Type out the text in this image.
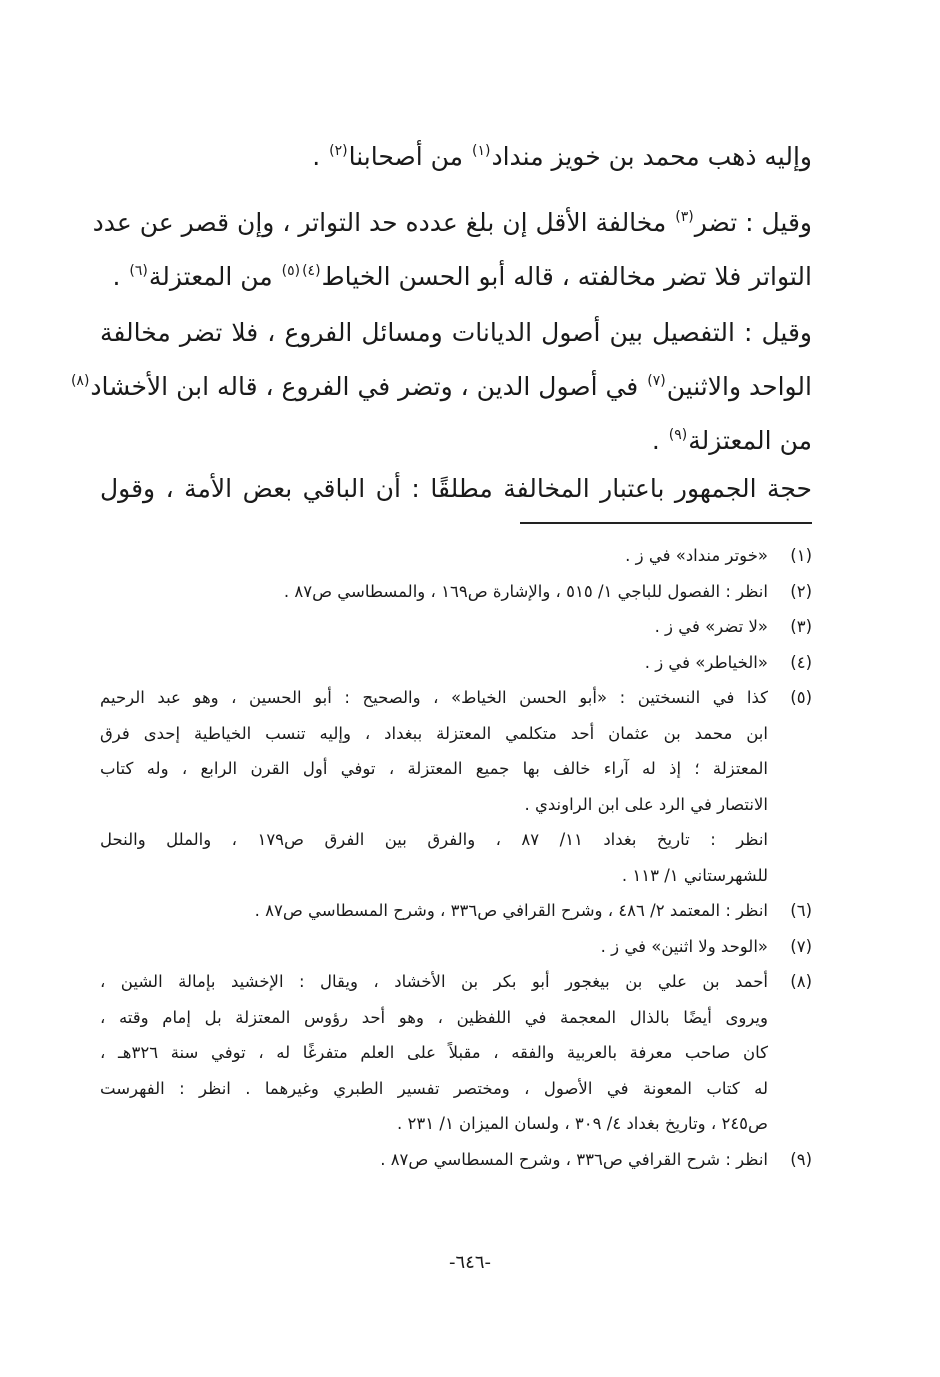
وإليه ذهب محمد بن خويز منداد$^{(١)}$ من أصحابنا$^{(٢)}$ .
وقيل : تضر$^{(٣)}$ مخالفة الأقل إن بلغ عدده حد التواتر ، وإن قصر عن عدد
التواتر فلا تضر مخالفته ، قاله أبو الحسن الخياط$^{(٤)(٥)}$ من المعتزلة$^{(٦)}$ .
وقيل : التفصيل بين أصول الديانات ومسائل الفروع ، فلا تضر مخالفة
الواحد والاثنين$^{(٧)}$ في أصول الدين ، وتضر في الفروع ، قاله ابن الأخشاد$^{(٨)}$
من المعتزلة$^{(٩)}$ .
حجة الجمهور باعتبار المخالفة مطلقًا : أن الباقي بعض الأمة ، وقول
(١)
«خوتر منداد» في ز .
(٢)
انظر : الفصول للباجي ١/ ٥١٥ ، والإشارة ص١٦٩ ، والمسطاسي ص٨٧ .
(٣)
«لا تضر» في ز .
(٤)
«الخياطر» في ز .
(٥)
كذا في النسختين : «أبو الحسن الخياط» ، والصحيح : أبو الحسين ، وهو عبد الرحيم
ابن محمد بن عثمان أحد متكلمي المعتزلة ببغداد ، وإليه تنسب الخياطية إحدى فرق
المعتزلة ؛ إذ له آراء خالف بها جميع المعتزلة ، توفي أول القرن الرابع ، وله كتاب
الانتصار في الرد على ابن الراوندي .
انظر : تاريخ بغداد ١١/ ٨٧ ، والفرق بين الفرق ص١٧٩ ، والملل والنحل
للشهرستاني ١/ ١١٣ .
(٦)
انظر : المعتمد ٢/ ٤٨٦ ، وشرح القرافي ص٣٣٦ ، وشرح المسطاسي ص٨٧ .
(٧)
«الوحد ولا اثنين» في ز .
(٨)
أحمد بن علي بن بيغجور أبو بكر بن الأخشاد ، ويقال : الإخشيد بإمالة الشين ،
ويروى أيضًا بالذال المعجمة في اللفظين ، وهو أحد رؤوس المعتزلة بل إمام وقته ،
كان صاحب معرفة بالعربية والفقه ، مقبلاً على العلم متفرغًا له ، توفي سنة ٣٢٦هـ ،
له كتاب المعونة في الأصول ، ومختصر تفسير الطبري وغيرهما . انظر : الفهرست
ص٢٤٥ ، وتاريخ بغداد ٤/ ٣٠٩ ، ولسان الميزان ١/ ٢٣١ .
(٩)
انظر : شرح القرافي ص٣٣٦ ، وشرح المسطاسي ص٨٧ .
-٦٤٦-
